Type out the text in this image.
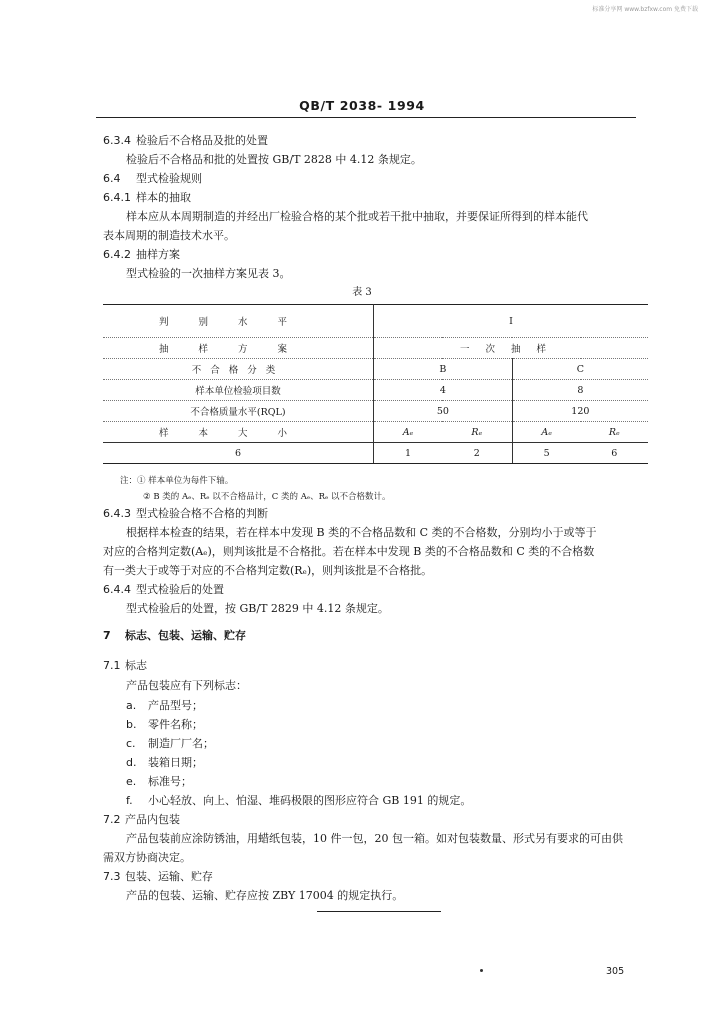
标准分享网 www.bzfxw.com 免费下载
QB/T 2038- 1994
6.3.4 检验后不合格品及批的处置
检验后不合格品和批的处置按 GB/T 2828 中 4.12 条规定。
6.4 型式检验规则
6.4.1 样本的抽取
样本应从本周期制造的并经出厂检验合格的某个批或若干批中抽取，并要保证所得到的样本能代
表本周期的制造技术水平。
6.4.2 抽样方案
型式检验的一次抽样方案见表 3。
表 3
判别水平	I			
抽样方案	一次抽样			
不合格分类	B		C	
样本单位检验项目数	4		8	
不合格质量水平(RQL)	50		120	
样本大小	Aₑ	Rₑ	Aₑ	Rₑ
6	1	2	5	6
注：① 样本单位为每件下轴。
② B 类的 Aₑ、Rₑ 以不合格品计，C 类的 Aₑ、Rₑ 以不合格数计。
6.4.3 型式检验合格不合格的判断
根据样本检查的结果，若在样本中发现 B 类的不合格品数和 C 类的不合格数，分别均小于或等于
对应的合格判定数(Aₑ)，则判该批是不合格批。若在样本中发现 B 类的不合格品数和 C 类的不合格数
有一类大于或等于对应的不合格判定数(Rₑ)，则判该批是不合格批。
6.4.4 型式检验后的处置
型式检验后的处置，按 GB/T 2829 中 4.12 条规定。
7 标志、包装、运输、贮存
7.1 标志
产品包装应有下列标志：
a. 产品型号；
b. 零件名称；
c. 制造厂厂名；
d. 装箱日期；
e. 标准号；
f. 小心轻放、向上、怕湿、堆码极限的图形应符合 GB 191 的规定。
7.2 产品内包装
产品包装前应涂防锈油，用蜡纸包装，10 件一包，20 包一箱。如对包装数量、形式另有要求的可由供
需双方协商决定。
7.3 包装、运输、贮存
产品的包装、运输、贮存应按 ZBY 17004 的规定执行。
305
